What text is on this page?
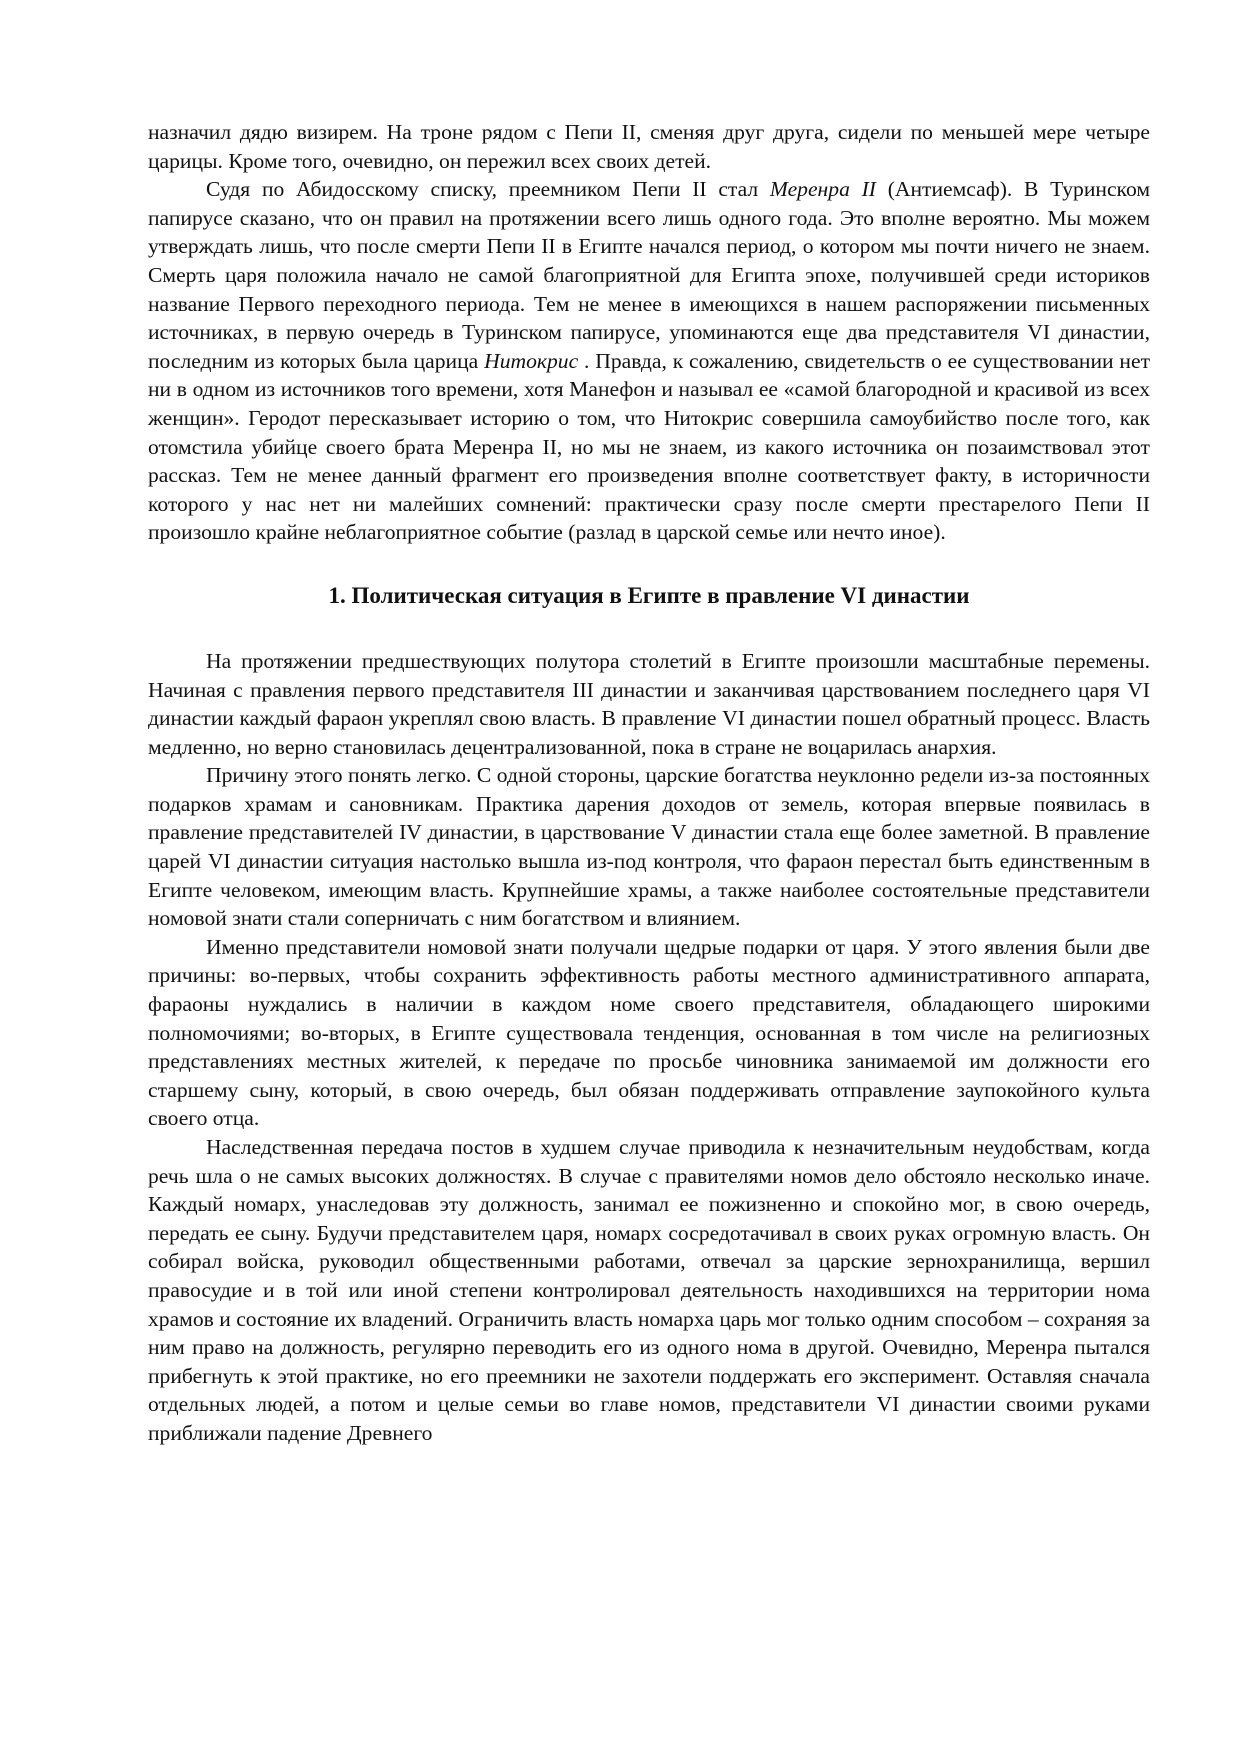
назначил дядю визирем. На троне рядом с Пепи II, сменяя друг друга, сидели по меньшей мере четыре царицы. Кроме того, очевидно, он пережил всех своих детей.

Судя по Абидосскому списку, преемником Пепи II стал Меренра II (Антиемсаф). В Туринском папирусе сказано, что он правил на протяжении всего лишь одного года. Это вполне вероятно. Мы можем утверждать лишь, что после смерти Пепи II в Египте начался период, о котором мы почти ничего не знаем. Смерть царя положила начало не самой благоприятной для Египта эпохе, получившей среди историков название Первого переходного периода. Тем не менее в имеющихся в нашем распоряжении письменных источниках, в первую очередь в Туринском папирусе, упоминаются еще два представителя VI династии, последним из которых была царица Нитокрис . Правда, к сожалению, свидетельств о ее существовании нет ни в одном из источников того времени, хотя Манефон и называл ее «самой благородной и красивой из всех женщин». Геродот пересказывает историю о том, что Нитокрис совершила самоубийство после того, как отомстила убийце своего брата Меренра II, но мы не знаем, из какого источника он позаимствовал этот рассказ. Тем не менее данный фрагмент его произведения вполне соответствует факту, в историчности которого у нас нет ни малейших сомнений: практически сразу после смерти престарелого Пепи II произошло крайне неблагоприятное событие (разлад в царской семье или нечто иное).

1. Политическая ситуация в Египте в правление VI династии

На протяжении предшествующих полутора столетий в Египте произошли масштабные перемены. Начиная с правления первого представителя III династии и заканчивая царствованием последнего царя VI династии каждый фараон укреплял свою власть. В правление VI династии пошел обратный процесс. Власть медленно, но верно становилась децентрализованной, пока в стране не воцарилась анархия.

Причину этого понять легко. С одной стороны, царские богатства неуклонно редели из-за постоянных подарков храмам и сановникам. Практика дарения доходов от земель, которая впервые появилась в правление представителей IV династии, в царствование V династии стала еще более заметной. В правление царей VI династии ситуация настолько вышла из-под контроля, что фараон перестал быть единственным в Египте человеком, имеющим власть. Крупнейшие храмы, а также наиболее состоятельные представители номовой знати стали соперничать с ним богатством и влиянием.

Именно представители номовой знати получали щедрые подарки от царя. У этого явления были две причины: во-первых, чтобы сохранить эффективность работы местного административного аппарата, фараоны нуждались в наличии в каждом номе своего представителя, обладающего широкими полномочиями; во-вторых, в Египте существовала тенденция, основанная в том числе на религиозных представлениях местных жителей, к передаче по просьбе чиновника занимаемой им должности его старшему сыну, который, в свою очередь, был обязан поддерживать отправление заупокойного культа своего отца.

Наследственная передача постов в худшем случае приводила к незначительным неудобствам, когда речь шла о не самых высоких должностях. В случае с правителями номов дело обстояло несколько иначе. Каждый номарх, унаследовав эту должность, занимал ее пожизненно и спокойно мог, в свою очередь, передать ее сыну. Будучи представителем царя, номарх сосредотачивал в своих руках огромную власть. Он собирал войска, руководил общественными работами, отвечал за царские зернохранилища, вершил правосудие и в той или иной степени контролировал деятельность находившихся на территории нома храмов и состояние их владений. Ограничить власть номарха царь мог только одним способом – сохраняя за ним право на должность, регулярно переводить его из одного нома в другой. Очевидно, Меренра пытался прибегнуть к этой практике, но его преемники не захотели поддержать его эксперимент. Оставляя сначала отдельных людей, а потом и целые семьи во главе номов, представители VI династии своими руками приближали падение Древнего
